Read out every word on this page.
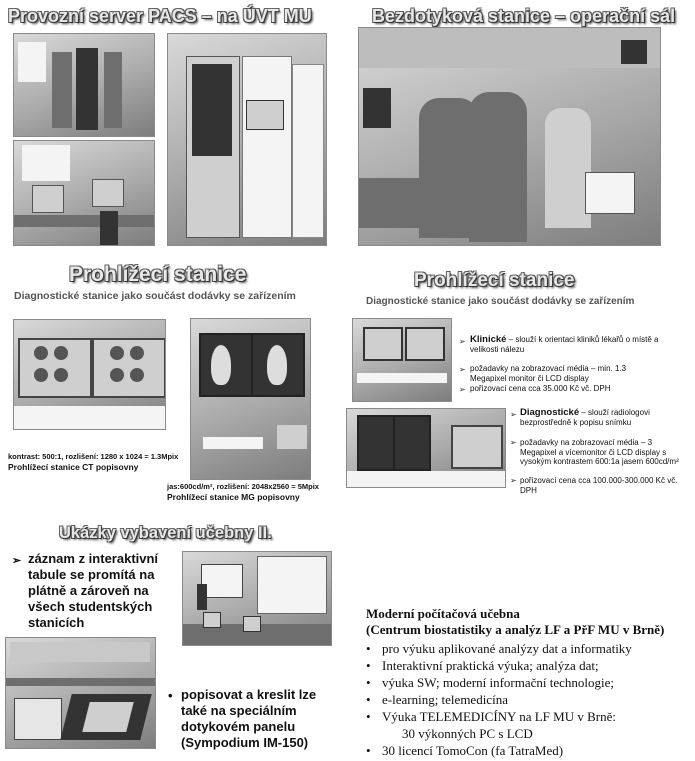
Provozní server PACS – na ÚVT MU	Bezdotyková stanice – operační sál
Prohlížecí stanice
Diagnostické stanice jako součást dodávky se zařízením
kontrast: 500:1, rozlišení: 1280 x 1024 = 1.3Mpix
Prohlížecí stanice CT popisovny
jas:600cd/m², rozlišení: 2048x2560 = 5Mpix
Prohlížecí stanice MG popisovny
Prohlížecí stanice
Diagnostické stanice jako součást dodávky se zařízením
➢ Klinické – slouží k orientaci kliniků lékařů o místě a velikosti nálezu
➢ požadavky na zobrazovací média – min. 1.3 Megapixel monitor či LCD display
➢ pořizovací cena cca 35.000 Kč vč. DPH
➢ Diagnostické – slouží radiologovi bezprostředně k popisu snímku
➢ požadavky na zobrazovací média – 3 Megapixel a vícemonitor či LCD display s vysokým kontrastem 600:1a jasem 600cd/m²
➢ pořizovací cena cca 100.000-300.000 Kč vč. DPH
Ukázky vybavení učebny II.
➢ záznam z interaktivní tabule se promítá na plátně a zároveň na všech studentských stanicích
• popisovat a kreslit lze také na speciálním dotykovém panelu (Sympodium IM-150)
Moderní počítačová učebna
(Centrum biostatistiky a analýz LF a PřF MU v Brně)
• pro výuku aplikované analýzy dat a informatiky
• Interaktivní praktická výuka; analýza dat;
• výuka SW; moderní informační technologie;
• e-learning; telemedicína
• Výuka TELEMEDICÍNY na LF MU v Brně:
30 výkonných PC s LCD
• 30 licencí TomoCon (fa TatraMed)
